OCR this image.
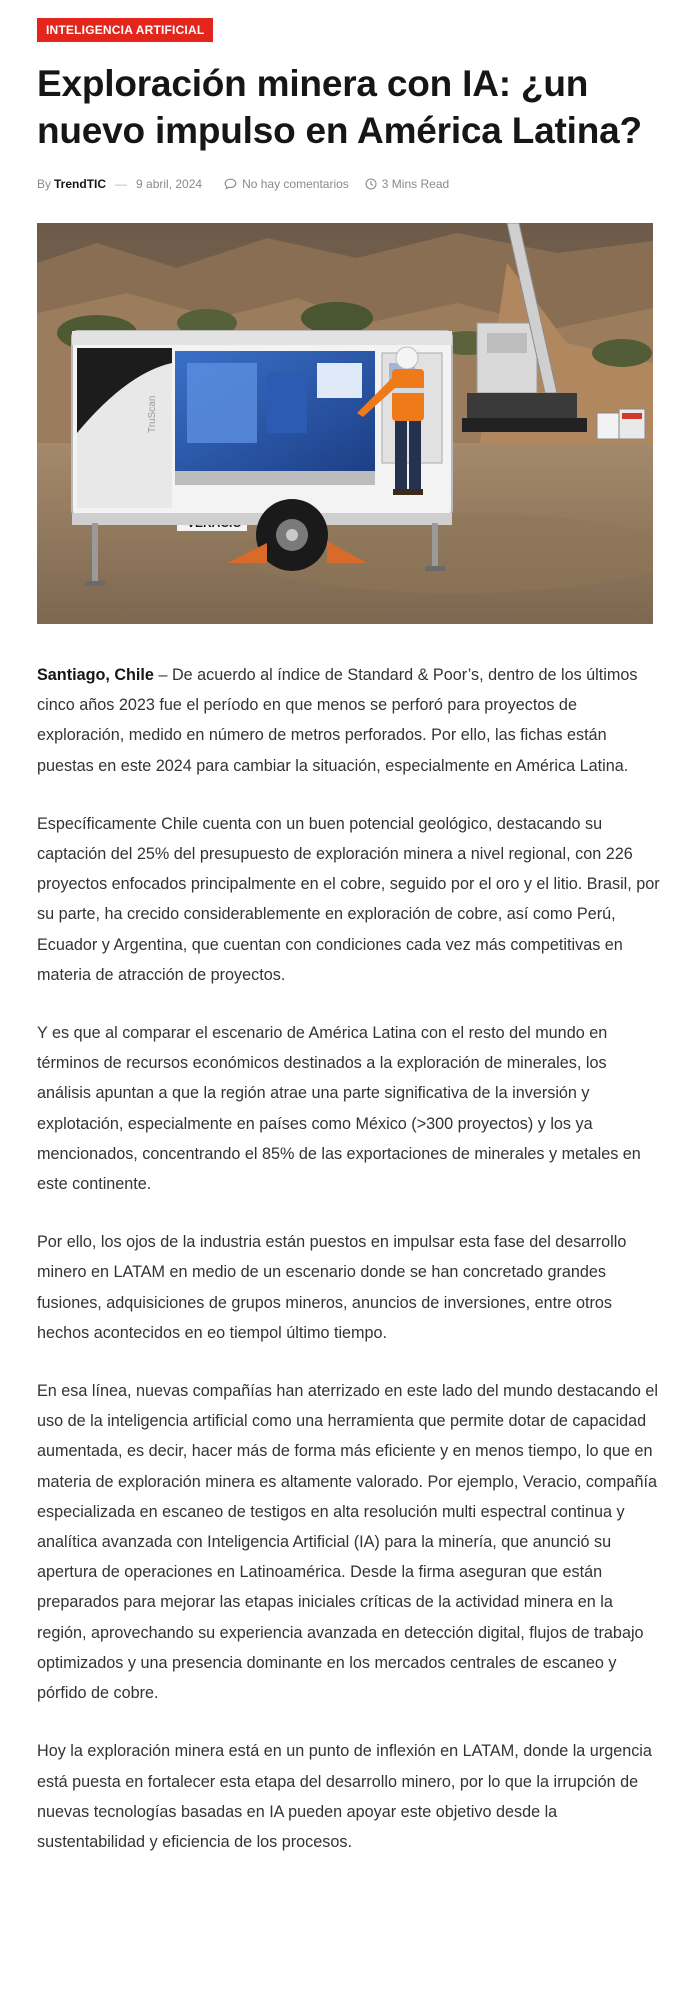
INTELIGENCIA ARTIFICIAL
Exploración minera con IA: ¿un nuevo impulso en América Latina?
By TrendTIC — 9 abril, 2024	No hay comentarios	3 Mins Read
TruScan

Santiago, Chile – De acuerdo al índice de Standard & Poor’s, dentro de los últimos cinco años 2023 fue el período en que menos se perforó para proyectos de exploración, medido en número de metros perforados. Por ello, las fichas están puestas en este 2024 para cambiar la situación, especialmente en América Latina.

Específicamente Chile cuenta con un buen potencial geológico, destacando su captación del 25% del presupuesto de exploración minera a nivel regional, con 226 proyectos enfocados principalmente en el cobre, seguido por el oro y el litio. Brasil, por su parte, ha crecido considerablemente en exploración de cobre, así como Perú, Ecuador y Argentina, que cuentan con condiciones cada vez más competitivas en materia de atracción de proyectos.

Y es que al comparar el escenario de América Latina con el resto del mundo en términos de recursos económicos destinados a la exploración de minerales, los análisis apuntan a que la región atrae una parte significativa de la inversión y explotación, especialmente en países como México (>300 proyectos) y los ya mencionados, concentrando el 85% de las exportaciones de minerales y metales en este continente.

Por ello, los ojos de la industria están puestos en impulsar esta fase del desarrollo minero en LATAM en medio de un escenario donde se han concretado grandes fusiones, adquisiciones de grupos mineros, anuncios de inversiones, entre otros hechos acontecidos en eo tiempol último tiempo.

En esa línea, nuevas compañías han aterrizado en este lado del mundo destacando el uso de la inteligencia artificial como una herramienta que permite dotar de capacidad aumentada, es decir, hacer más de forma más eficiente y en menos tiempo, lo que en materia de exploración minera es altamente valorado. Por ejemplo, Veracio, compañía especializada en escaneo de testigos en alta resolución multi espectral continua y analítica avanzada con Inteligencia Artificial (IA) para la minería, que anunció su apertura de operaciones en Latinoamérica. Desde la firma aseguran que están preparados para mejorar las etapas iniciales críticas de la actividad minera en la región, aprovechando su experiencia avanzada en detección digital, flujos de trabajo optimizados y una presencia dominante en los mercados centrales de escaneo y pórfido de cobre.

Hoy la exploración minera está en un punto de inflexión en LATAM, donde la urgencia está puesta en fortalecer esta etapa del desarrollo minero, por lo que la irrupción de nuevas tecnologías basadas en IA pueden apoyar este objetivo desde la sustentabilidad y eficiencia de los procesos.
